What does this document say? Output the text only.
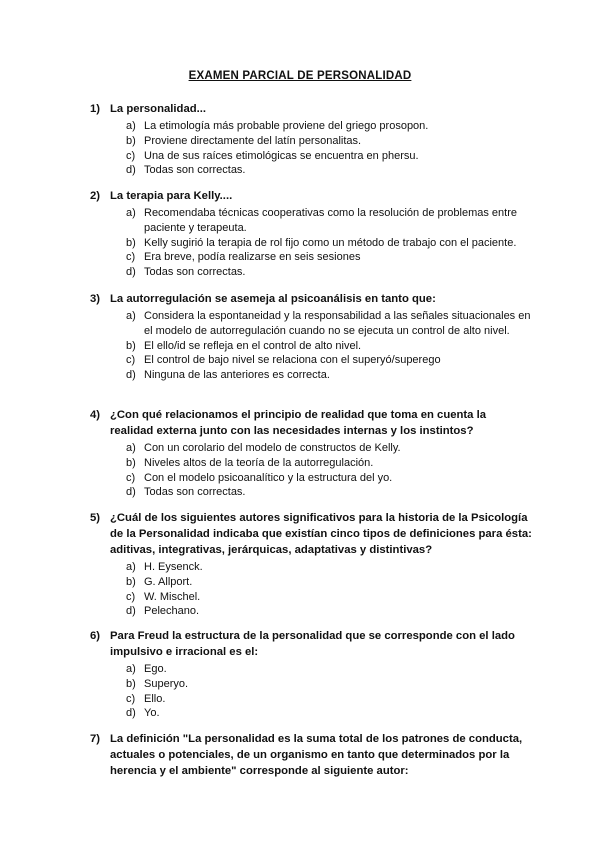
EXAMEN PARCIAL DE PERSONALIDAD
1) La personalidad...
a) La etimología más probable proviene del griego prosopon.
b) Proviene directamente del latín personalitas.
c) Una de sus raíces etimológicas se encuentra en phersu.
d) Todas son correctas.
2) La terapia para Kelly....
a) Recomendaba técnicas cooperativas como la resolución de problemas entre paciente y terapeuta.
b) Kelly sugirió la terapia de rol fijo como un método de trabajo con el paciente.
c) Era breve, podía realizarse en seis sesiones
d) Todas son correctas.
3) La autorregulación se asemeja al psicoanálisis en tanto que:
a) Considera la espontaneidad y la responsabilidad a las señales situacionales en el modelo de autorregulación cuando no se ejecuta un control de alto nivel.
b) El ello/id se refleja en el control de alto nivel.
c) El control de bajo nivel se relaciona con el superyó/superego
d) Ninguna de las anteriores es correcta.
4) ¿Con qué relacionamos el principio de realidad que toma en cuenta la realidad externa junto con las necesidades internas y los instintos?
a) Con un corolario del modelo de constructos de Kelly.
b) Niveles altos de la teoría de la autorregulación.
c) Con el modelo psicoanalítico y la estructura del yo.
d) Todas son correctas.
5) ¿Cuál de los siguientes autores significativos para la historia de la Psicología de la Personalidad indicaba que existían cinco tipos de definiciones para ésta: aditivas, integrativas, jerárquicas, adaptativas y distintivas?
a) H. Eysenck.
b) G. Allport.
c) W. Mischel.
d) Pelechano.
6) Para Freud la estructura de la personalidad que se corresponde con el lado impulsivo e irracional es el:
a) Ego.
b) Superyo.
c) Ello.
d) Yo.
7) La definición "La personalidad es la suma total de los patrones de conducta, actuales o potenciales, de un organismo en tanto que determinados por la herencia y el ambiente" corresponde al siguiente autor:
